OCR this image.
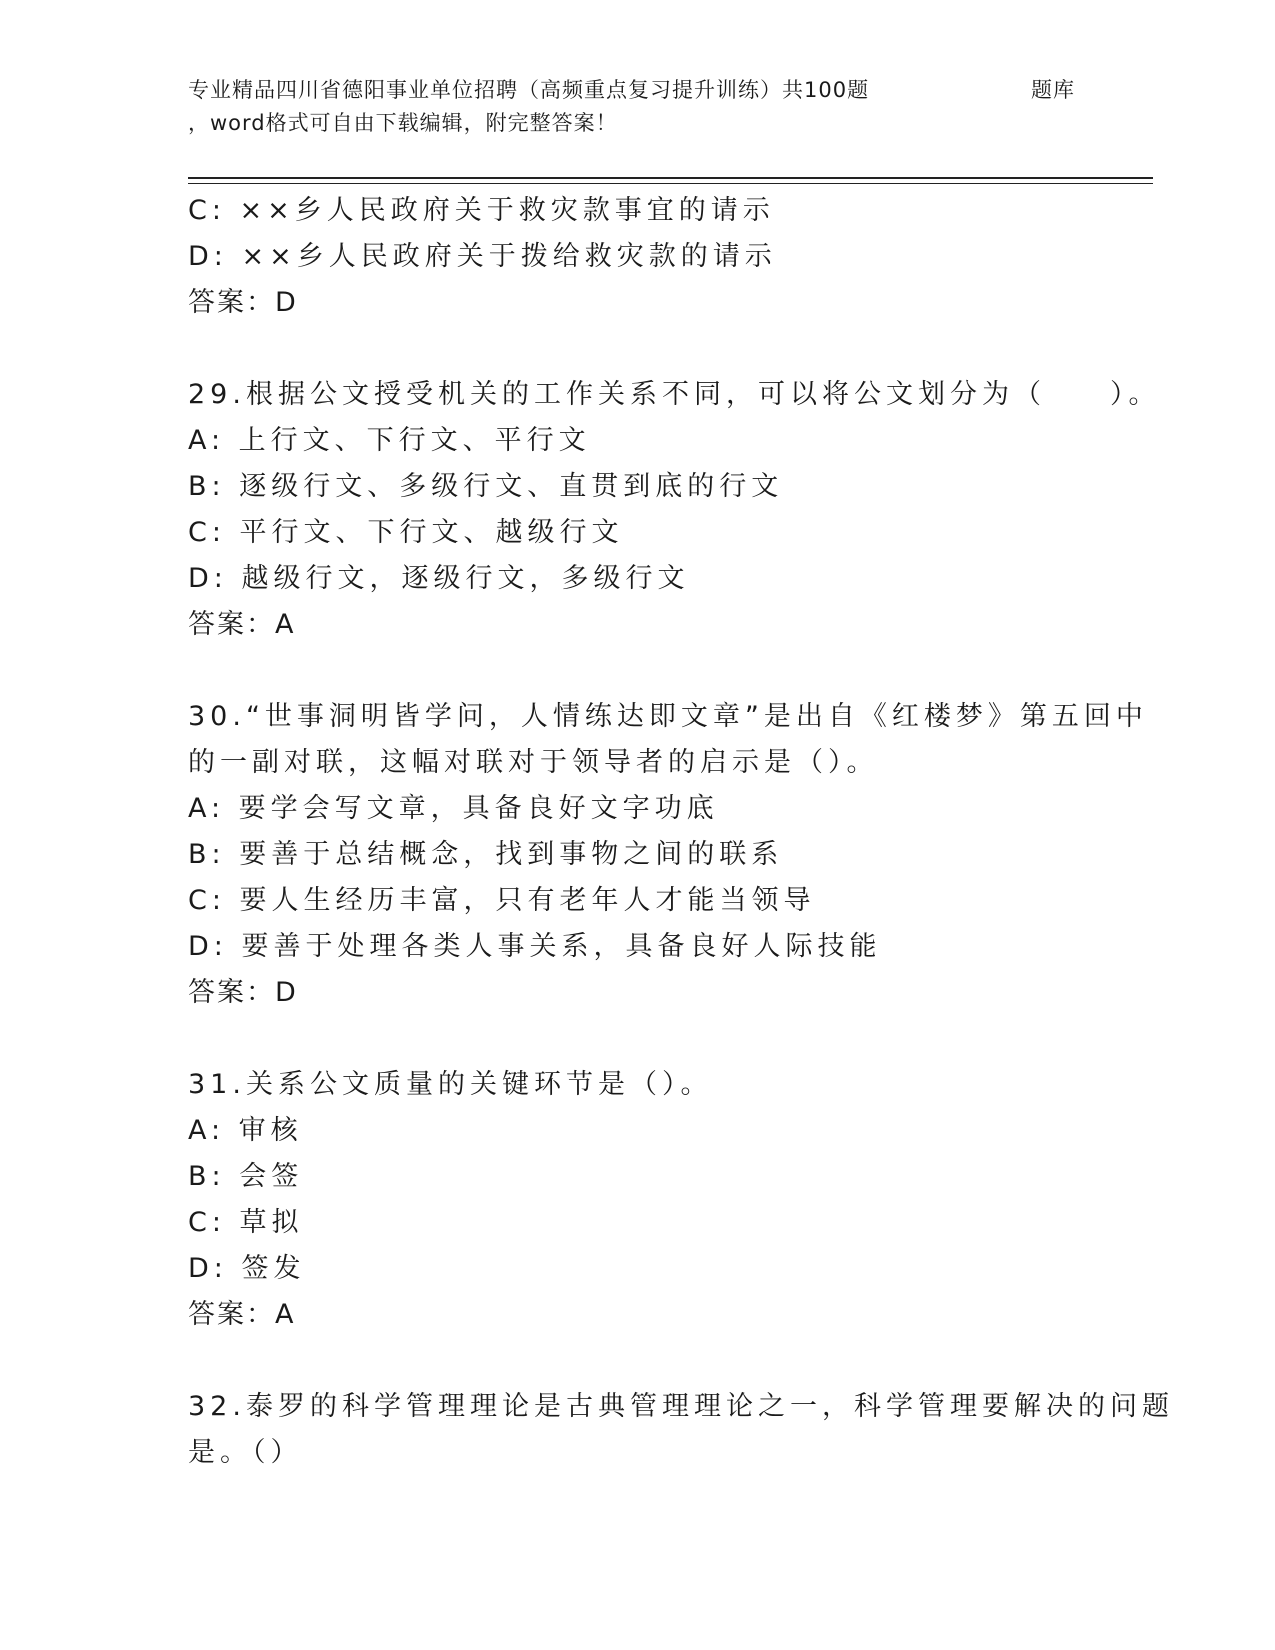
专业精品四川省德阳事业单位招聘（高频重点复习提升训练）共100题	题库
，word格式可自由下载编辑，附完整答案！
C: ××乡人民政府关于救灾款事宜的请示
D: ××乡人民政府关于拨给救灾款的请示
答案：D
29.根据公文授受机关的工作关系不同，可以将公文划分为（　　）。
A: 上行文、下行文、平行文
B: 逐级行文、多级行文、直贯到底的行文
C: 平行文、下行文、越级行文
D: 越级行文，逐级行文，多级行文
答案：A
30.“世事洞明皆学问，人情练达即文章”是出自《红楼梦》第五回中
的一副对联，这幅对联对于领导者的启示是（）。
A: 要学会写文章，具备良好文字功底
B: 要善于总结概念，找到事物之间的联系
C: 要人生经历丰富，只有老年人才能当领导
D: 要善于处理各类人事关系，具备良好人际技能
答案：D
31.关系公文质量的关键环节是（）。
A: 审核
B: 会签
C: 草拟
D: 签发
答案：A
32.泰罗的科学管理理论是古典管理理论之一，科学管理要解决的问题
是。（）
